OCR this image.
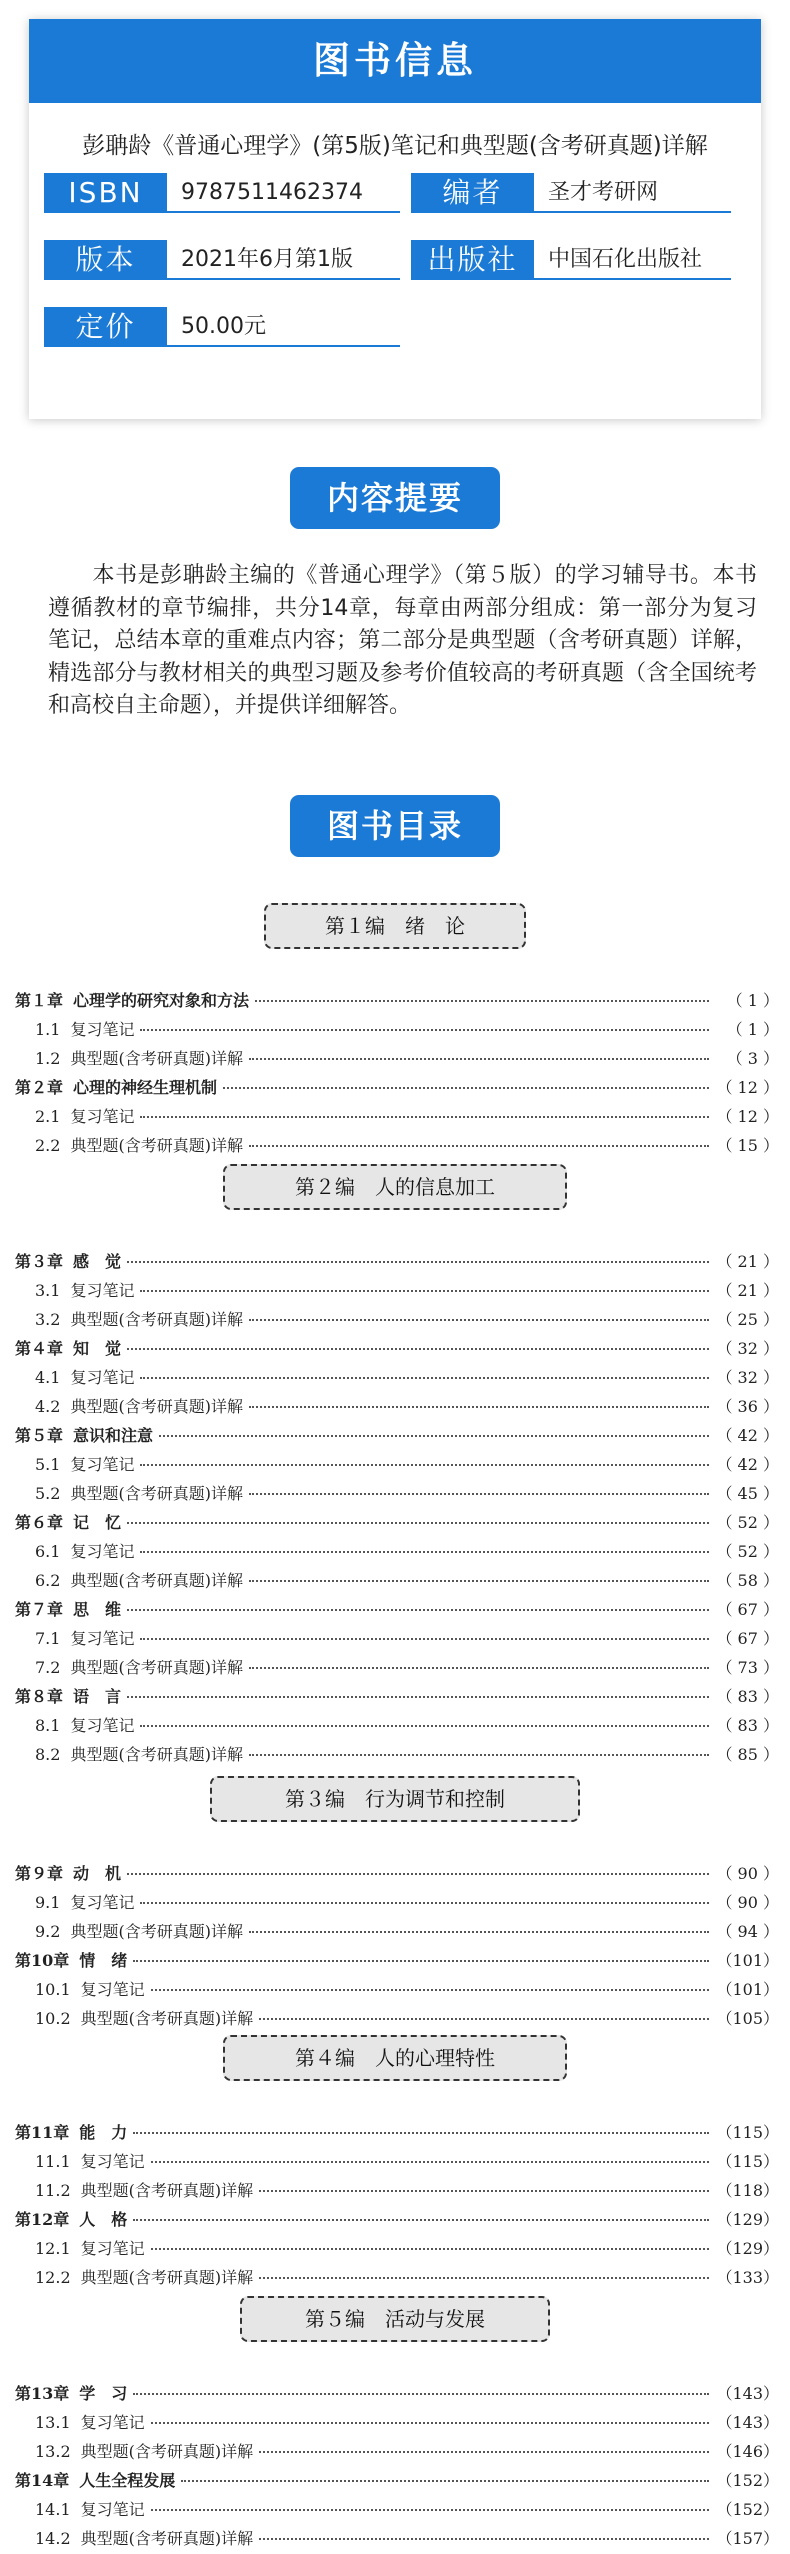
图书信息
彭聃龄《普通心理学》(第5版)笔记和典型题(含考研真题)详解
ISBN	9787511462374	编者	圣才考研网
版本	2021年6月第1版	出版社	中国石化出版社
定价	50.00元
内容提要
本书是彭聃龄主编的《普通心理学》（第５版）的学习辅导书。本书遵循教材的章节编排，共分14章，每章由两部分组成：第一部分为复习笔记，总结本章的重难点内容；第二部分是典型题（含考研真题）详解，精选部分与教材相关的典型习题及参考价值较高的考研真题（含全国统考和高校自主命题），并提供详细解答。
图书目录
第１编　绪　论
第１章 心理学的研究对象和方法	（ 1 ）
1.1 复习笔记	（ 1 ）
1.2 典型题(含考研真题)详解	（ 3 ）
第２章 心理的神经生理机制	（ 12 ）
2.1 复习笔记	（ 12 ）
2.2 典型题(含考研真题)详解	（ 15 ）
第２编　人的信息加工
第３章 感　觉	（ 21 ）
3.1 复习笔记	（ 21 ）
3.2 典型题(含考研真题)详解	（ 25 ）
第４章 知　觉	（ 32 ）
4.1 复习笔记	（ 32 ）
4.2 典型题(含考研真题)详解	（ 36 ）
第５章 意识和注意	（ 42 ）
5.1 复习笔记	（ 42 ）
5.2 典型题(含考研真题)详解	（ 45 ）
第６章 记　忆	（ 52 ）
6.1 复习笔记	（ 52 ）
6.2 典型题(含考研真题)详解	（ 58 ）
第７章 思　维	（ 67 ）
7.1 复习笔记	（ 67 ）
7.2 典型题(含考研真题)详解	（ 73 ）
第８章 语　言	（ 83 ）
8.1 复习笔记	（ 83 ）
8.2 典型题(含考研真题)详解	（ 85 ）
第３编　行为调节和控制
第９章 动　机	（ 90 ）
9.1 复习笔记	（ 90 ）
9.2 典型题(含考研真题)详解	（ 94 ）
第10章 情　绪	（101）
10.1 复习笔记	（101）
10.2 典型题(含考研真题)详解	（105）
第４编　人的心理特性
第11章 能　力	（115）
11.1 复习笔记	（115）
11.2 典型题(含考研真题)详解	（118）
第12章 人　格	（129）
12.1 复习笔记	（129）
12.2 典型题(含考研真题)详解	（133）
第５编　活动与发展
第13章 学　习	（143）
13.1 复习笔记	（143）
13.2 典型题(含考研真题)详解	（146）
第14章 人生全程发展	（152）
14.1 复习笔记	（152）
14.2 典型题(含考研真题)详解	（157）
